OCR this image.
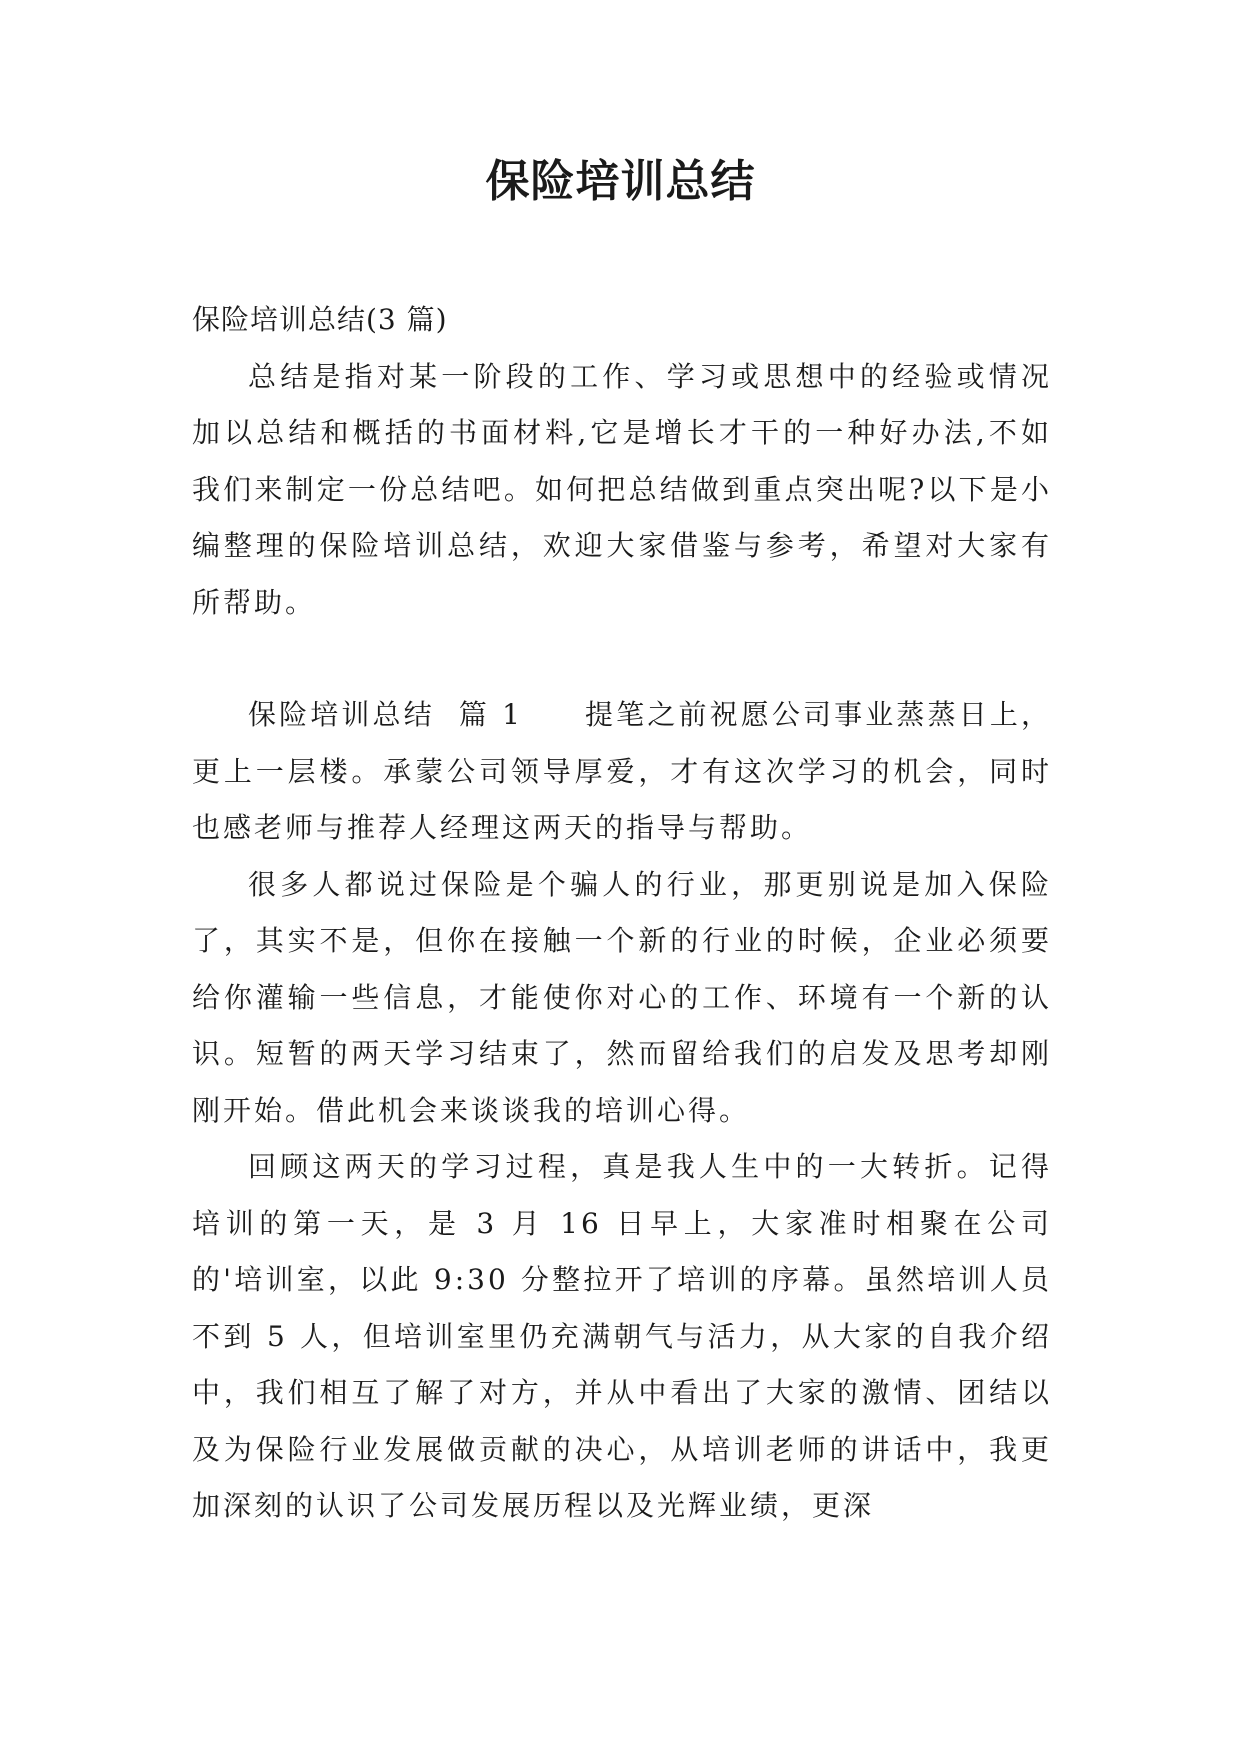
保险培训总结

保险培训总结(3 篇)

总结是指对某一阶段的工作、学习或思想中的经验或情况加以总结和概括的书面材料,它是增长才干的一种好办法,不如我们来制定一份总结吧。如何把总结做到重点突出呢?以下是小编整理的保险培训总结，欢迎大家借鉴与参考，希望对大家有所帮助。

保险培训总结  篇 1 提笔之前祝愿公司事业蒸蒸日上，更上一层楼。承蒙公司领导厚爱，才有这次学习的机会，同时也感老师与推荐人经理这两天的指导与帮助。

很多人都说过保险是个骗人的行业，那更别说是加入保险了，其实不是，但你在接触一个新的行业的时候，企业必须要给你灌输一些信息，才能使你对心的工作、环境有一个新的认识。短暂的两天学习结束了，然而留给我们的启发及思考却刚刚开始。借此机会来谈谈我的培训心得。

回顾这两天的学习过程，真是我人生中的一大转折。记得培训的第一天，是 3 月 16 日早上，大家准时相聚在公司的'培训室，以此 9:30 分整拉开了培训的序幕。虽然培训人员不到 5 人，但培训室里仍充满朝气与活力，从大家的自我介绍中，我们相互了解了对方，并从中看出了大家的激情、团结以及为保险行业发展做贡献的决心，从培训老师的讲话中，我更加深刻的认识了公司发展历程以及光辉业绩，更深
